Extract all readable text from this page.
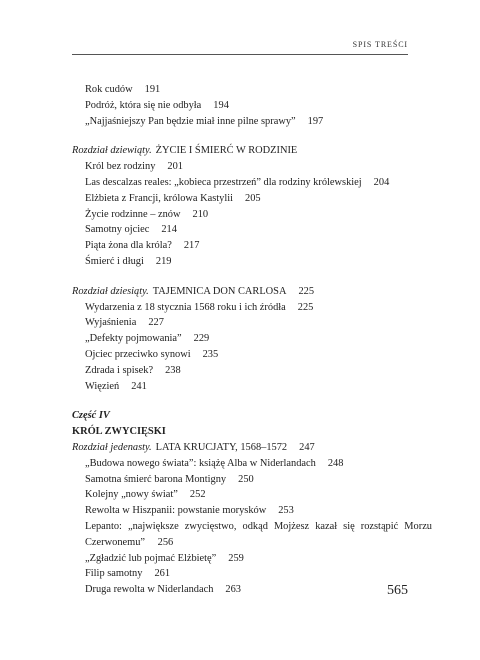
SPIS TREŚCI
Rok cudów 191
Podróż, która się nie odbyła 194
„Najjaśniejszy Pan będzie miał inne pilne sprawy” 197
Rozdział dziewiąty. ŻYCIE I ŚMIERĆ W RODZINIE
Król bez rodziny 201
Las descalzas reales: „kobieca przestrzeń” dla rodziny królewskiej 204
Elżbieta z Francji, królowa Kastylii 205
Życie rodzinne – znów 210
Samotny ojciec 214
Piąta żona dla króla? 217
Śmierć i długi 219
Rozdział dziesiąty. TAJEMNICA DON CARLOSA 225
Wydarzenia z 18 stycznia 1568 roku i ich źródła 225
Wyjaśnienia 227
„Defekty pojmowania” 229
Ojciec przeciwko synowi 235
Zdrada i spisek? 238
Więzień 241
Część IV
KRÓL ZWYCIĘSKI
Rozdział jedenasty. LATA KRUCJATY, 1568–1572 247
„Budowa nowego świata”: książę Alba w Niderlandach 248
Samotna śmierć barona Montigny 250
Kolejny „nowy świat” 252
Rewolta w Hiszpanii: powstanie morysków 253
Lepanto: „największe zwycięstwo, odkąd Mojżesz kazał się rozstąpić Morzu Czerwonemu” 256
„Zgładzić lub pojmać Elżbietę” 259
Filip samotny 261
Druga rewolta w Niderlandach 263	565
